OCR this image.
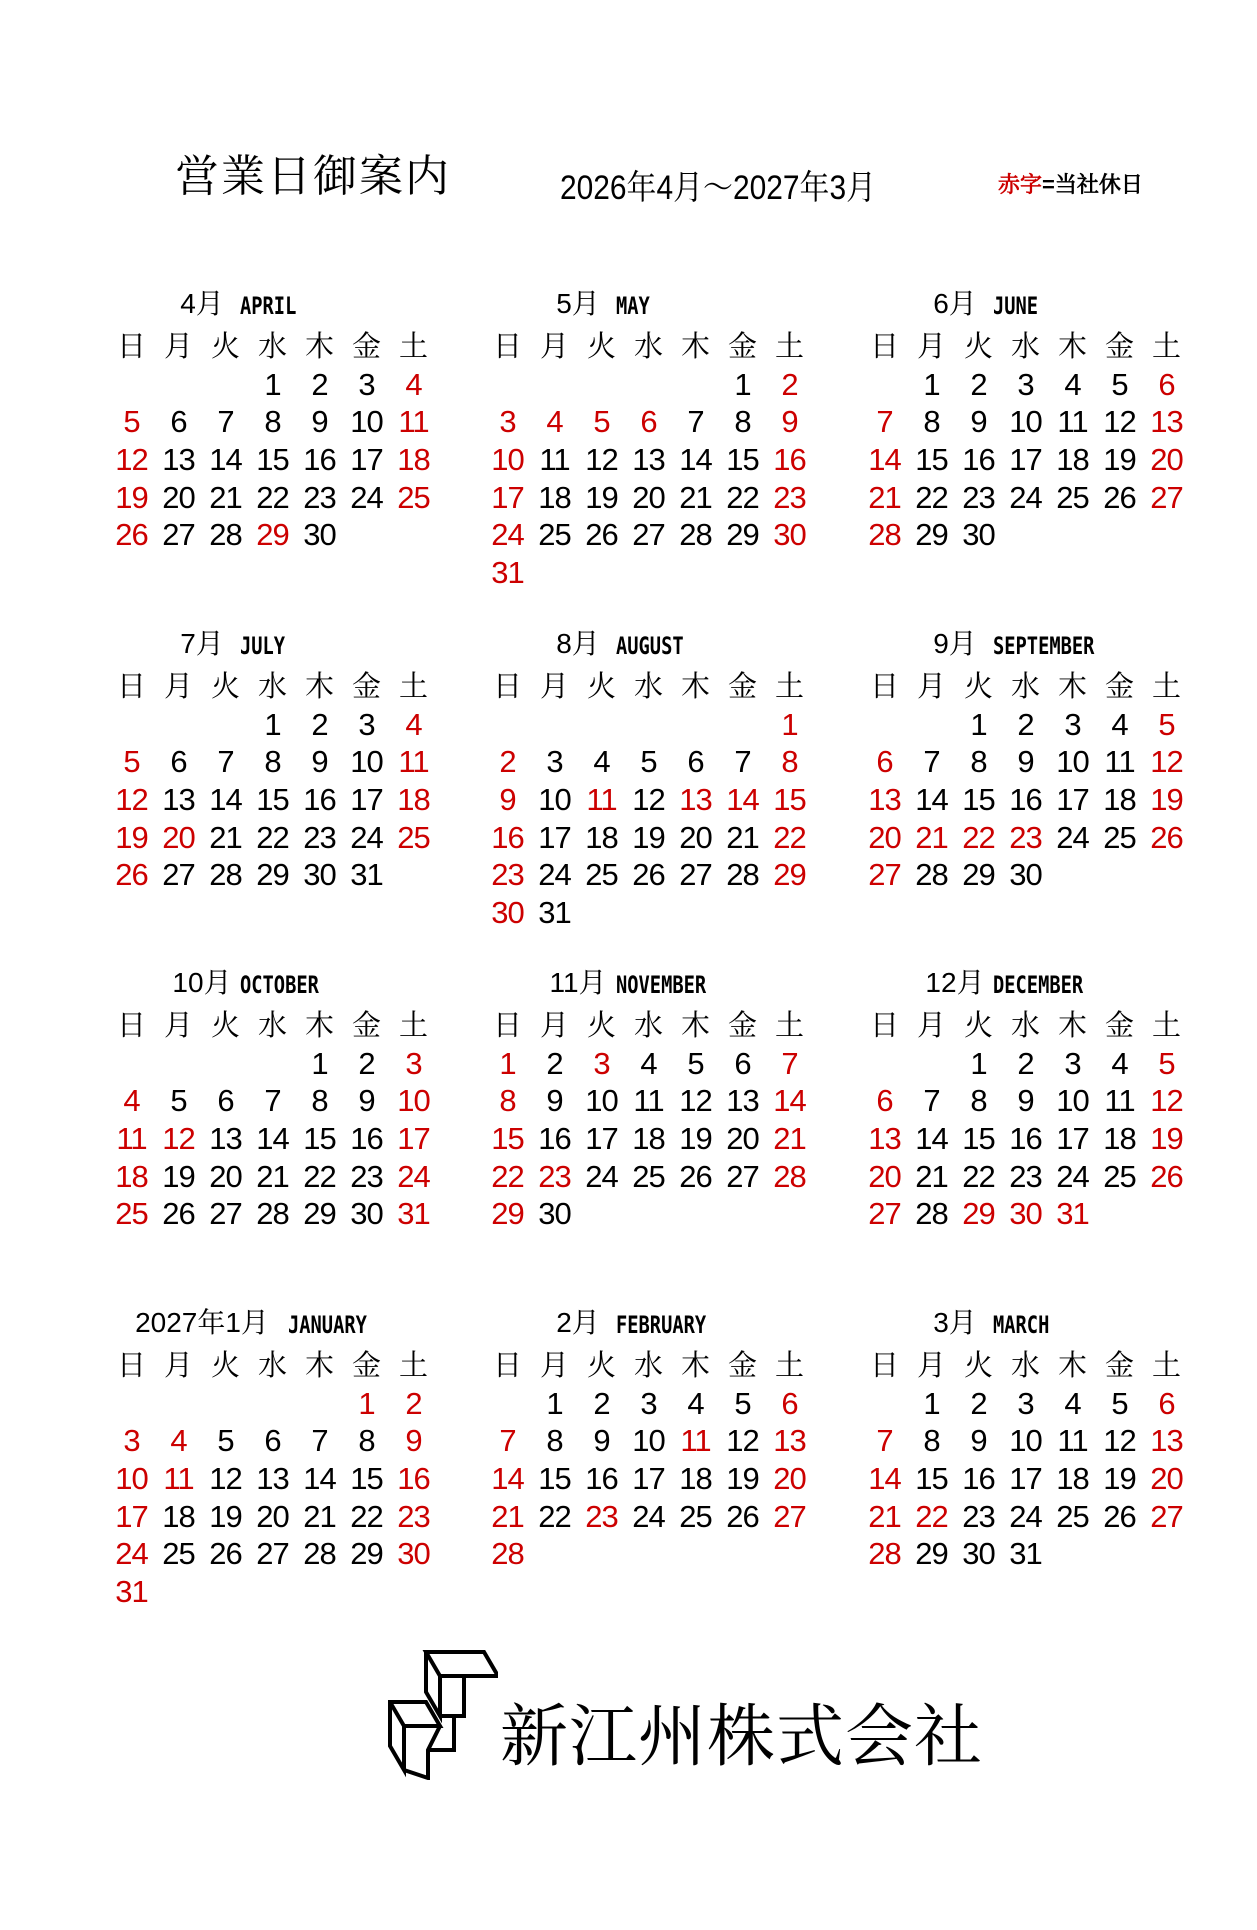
営業日御案内	2026年4月～2027年3月	赤字=当社休日
4月 APRIL
日 月 火 水 木 金 土
1 2 3 4
5 6 7 8 9 10 11
12 13 14 15 16 17 18
19 20 21 22 23 24 25
26 27 28 29 30
5月 MAY
日 月 火 水 木 金 土
1 2
3 4 5 6 7 8 9
10 11 12 13 14 15 16
17 18 19 20 21 22 23
24 25 26 27 28 29 30
31
6月 JUNE
日 月 火 水 木 金 土
1 2 3 4 5 6
7 8 9 10 11 12 13
14 15 16 17 18 19 20
21 22 23 24 25 26 27
28 29 30
7月 JULY
日 月 火 水 木 金 土
1 2 3 4
5 6 7 8 9 10 11
12 13 14 15 16 17 18
19 20 21 22 23 24 25
26 27 28 29 30 31
8月 AUGUST
日 月 火 水 木 金 土
1
2 3 4 5 6 7 8
9 10 11 12 13 14 15
16 17 18 19 20 21 22
23 24 25 26 27 28 29
30 31
9月 SEPTEMBER
日 月 火 水 木 金 土
1 2 3 4 5
6 7 8 9 10 11 12
13 14 15 16 17 18 19
20 21 22 23 24 25 26
27 28 29 30
10月 OCTOBER
日 月 火 水 木 金 土
1 2 3
4 5 6 7 8 9 10
11 12 13 14 15 16 17
18 19 20 21 22 23 24
25 26 27 28 29 30 31
11月 NOVEMBER
日 月 火 水 木 金 土
1 2 3 4 5 6 7
8 9 10 11 12 13 14
15 16 17 18 19 20 21
22 23 24 25 26 27 28
29 30
12月 DECEMBER
日 月 火 水 木 金 土
1 2 3 4 5
6 7 8 9 10 11 12
13 14 15 16 17 18 19
20 21 22 23 24 25 26
27 28 29 30 31
2027年1月 JANUARY
日 月 火 水 木 金 土
1 2
3 4 5 6 7 8 9
10 11 12 13 14 15 16
17 18 19 20 21 22 23
24 25 26 27 28 29 30
31
2月 FEBRUARY
日 月 火 水 木 金 土
1 2 3 4 5 6
7 8 9 10 11 12 13
14 15 16 17 18 19 20
21 22 23 24 25 26 27
28
3月 MARCH
日 月 火 水 木 金 土
1 2 3 4 5 6
7 8 9 10 11 12 13
14 15 16 17 18 19 20
21 22 23 24 25 26 27
28 29 30 31
新江州株式会社
